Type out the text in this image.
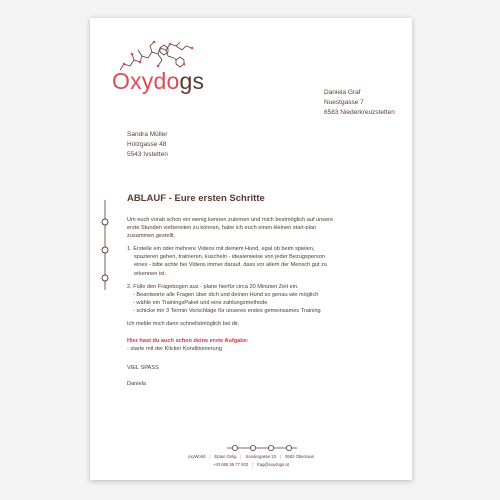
Oxydogs	Daniela Graf
Nuestgasse 7
6583 Niederkreuzstetten
Sandra Müller
Holzgasse 48
5543 Ivstetten
ABLAUF - Eure ersten Schritte

Um euch vorab schon ein wenig kennen zulernen und mich bestmöglich auf unsere
erste Stunden vorbereiten zu können, habe ich euch einen kleinen start-plan
zusammen gestellt.

1. Erstelle ein oder mehrere Videos mit deinem Hund, egal ob beim spielen,
spazieren gehen, trainieren, kuscheln - idealerweise von jeder Bezugsperson
eines - bitte achte bei Videos immer darauf, dass vor allem der Mensch gut zu
erkennen ist.

2. Fülle den Fragebogen aus - plane hierfür circa 20 Minuten Zeit ein.
- Beantworte alle Fragen über dich und deinen Hund so genau wie möglich
- wähle ein TrainingsPaket und eine zahlungsmethode
- schicke mir 3 Termin Vorschläge für unseres erstes gemeinsames Training

Ich melde mich dann schnellstmöglich bei dir.

Hier hast du auch schon deine erste Aufgabe:
- starte mit der Klicker Konditionierung

VIEL SPASS

Daniela

oxyWorld | Eptao Gnlig | Sondergasse 23 | 5582 Obernaus
+43 665 55 77 933 | frag@oxydogs.at
